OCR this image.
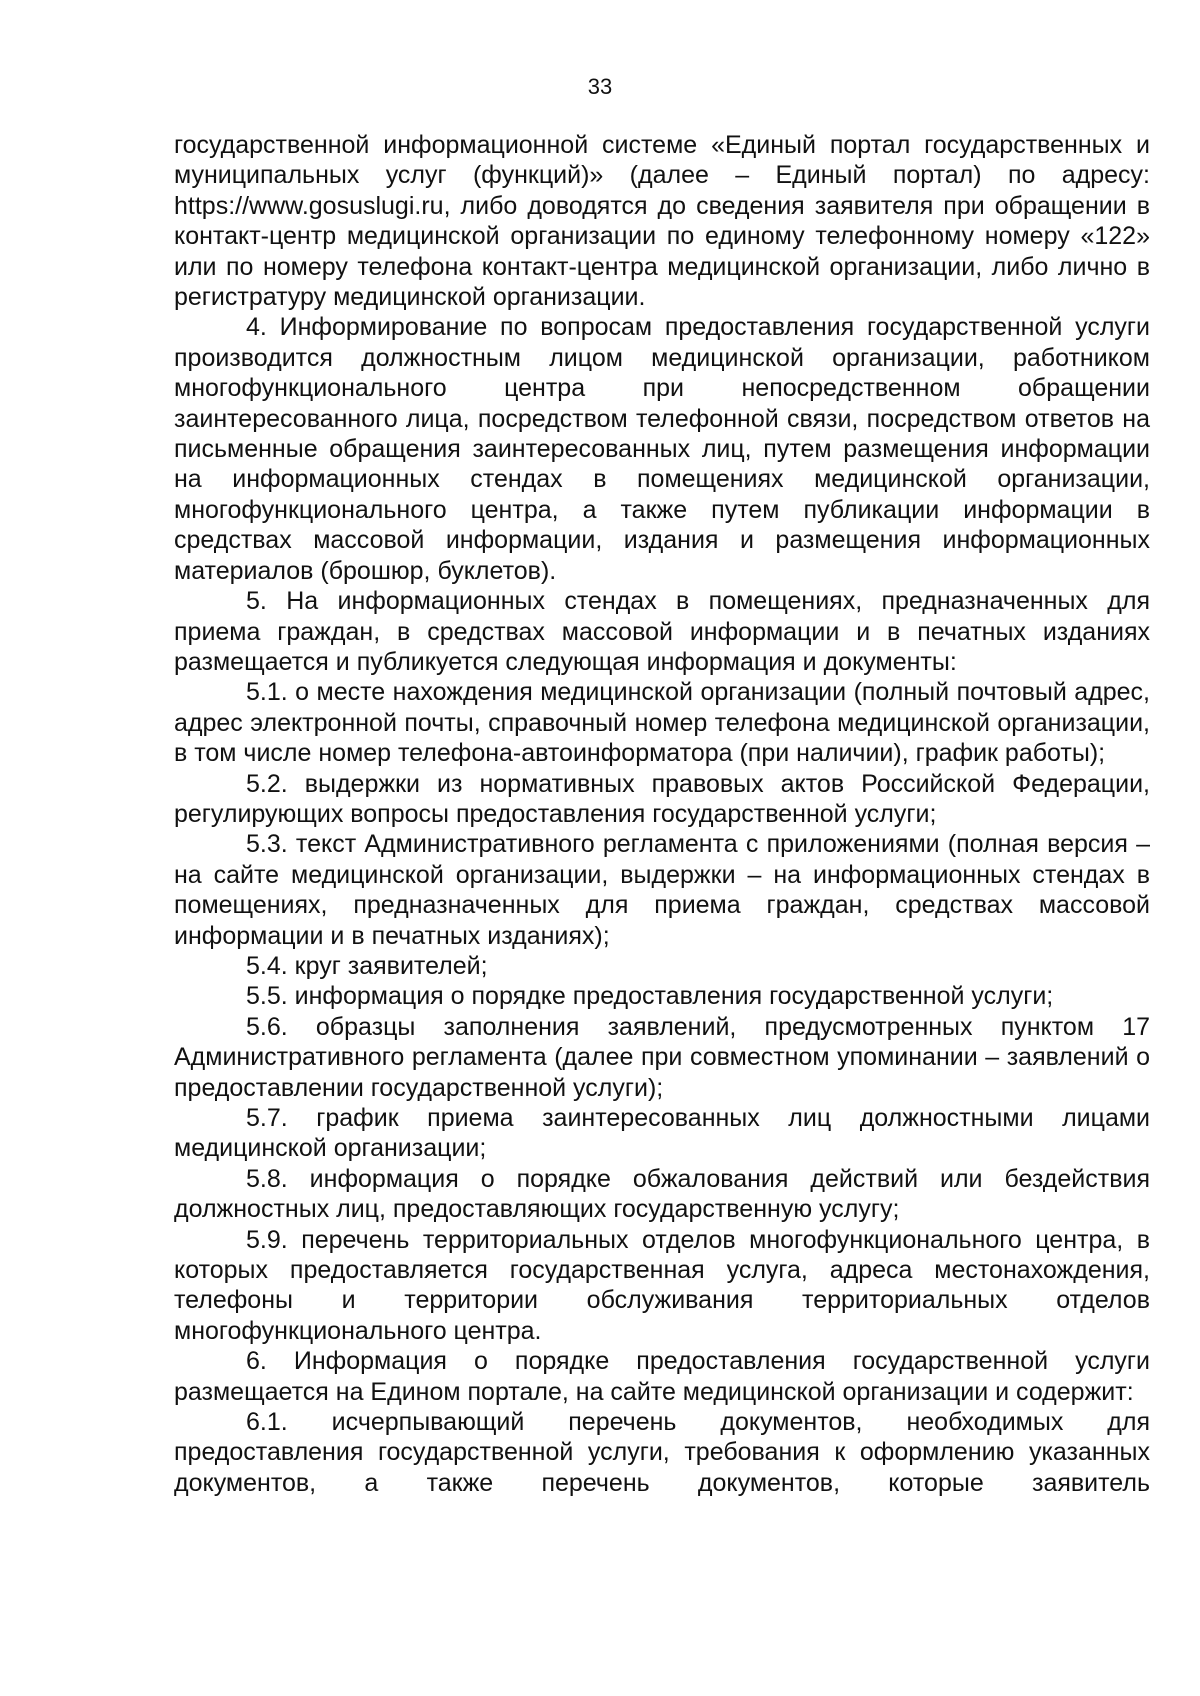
33

государственной информационной системе «Единый портал государственных и муниципальных услуг (функций)» (далее – Единый портал) по адресу: https://www.gosuslugi.ru, либо доводятся до сведения заявителя при обращении в контакт-центр медицинской организации по единому телефонному номеру «122» или по номеру телефона контакт-центра медицинской организации, либо лично в регистратуру медицинской организации.

4. Информирование по вопросам предоставления государственной услуги производится должностным лицом медицинской организации, работником многофункционального центра при непосредственном обращении заинтересованного лица, посредством телефонной связи, посредством ответов на письменные обращения заинтересованных лиц, путем размещения информации на информационных стендах в помещениях медицинской организации, многофункционального центра, а также путем публикации информации в средствах массовой информации, издания и размещения информационных материалов (брошюр, буклетов).

5. На информационных стендах в помещениях, предназначенных для приема граждан, в средствах массовой информации и в печатных изданиях размещается и публикуется следующая информация и документы:

5.1. о месте нахождения медицинской организации (полный почтовый адрес, адрес электронной почты, справочный номер телефона медицинской организации, в том числе номер телефона-автоинформатора (при наличии), график работы);

5.2. выдержки из нормативных правовых актов Российской Федерации, регулирующих вопросы предоставления государственной услуги;

5.3. текст Административного регламента с приложениями (полная версия – на сайте медицинской организации, выдержки – на информационных стендах в помещениях, предназначенных для приема граждан, средствах массовой информации и в печатных изданиях);

5.4. круг заявителей;

5.5. информация о порядке предоставления государственной услуги;

5.6. образцы заполнения заявлений, предусмотренных пунктом 17 Административного регламента (далее при совместном упоминании – заявлений о предоставлении государственной услуги);

5.7. график приема заинтересованных лиц должностными лицами медицинской организации;

5.8. информация о порядке обжалования действий или бездействия должностных лиц, предоставляющих государственную услугу;

5.9. перечень территориальных отделов многофункционального центра, в которых предоставляется государственная услуга, адреса местонахождения, телефоны и территории обслуживания территориальных отделов многофункционального центра.

6. Информация о порядке предоставления государственной услуги размещается на Едином портале, на сайте медицинской организации и содержит:

6.1. исчерпывающий перечень документов, необходимых для предоставления государственной услуги, требования к оформлению указанных документов, а также перечень документов, которые заявитель
